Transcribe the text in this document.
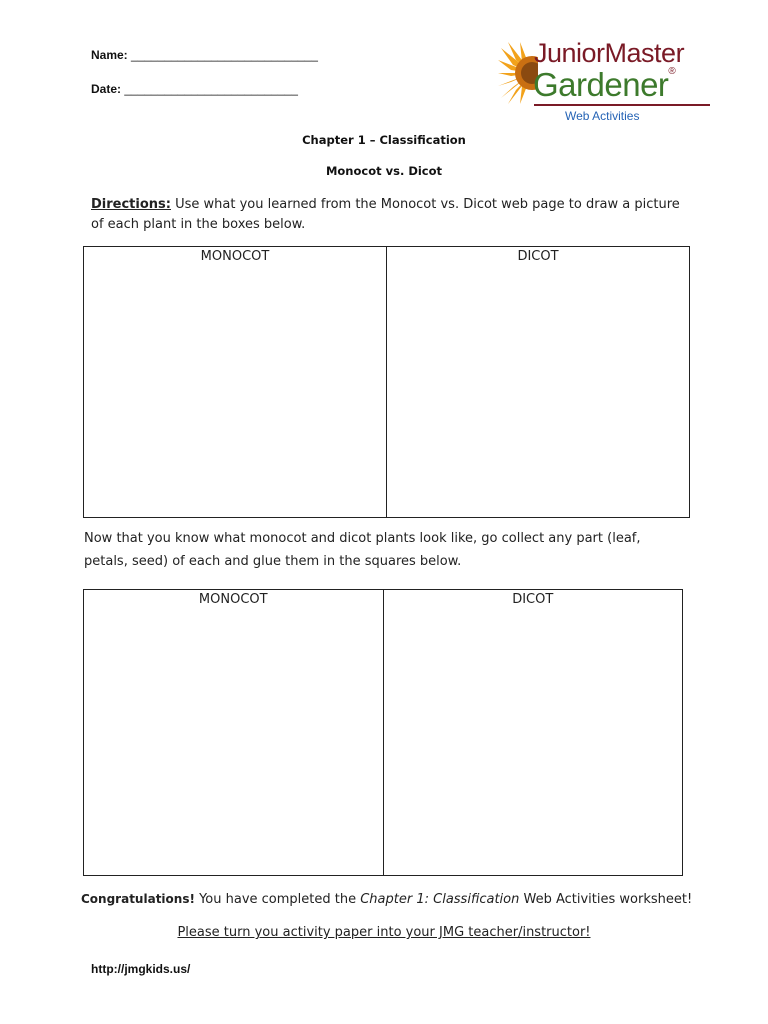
Name: ____________________________
Date: __________________________
JuniorMaster
Gardener®
Web Activities
Chapter 1 – Classification
Monocot vs. Dicot
Directions: Use what you learned from the Monocot vs. Dicot web page to draw a picture of each plant in the boxes below.
MONOCOT	DICOT
Now that you know what monocot and dicot plants look like, go collect any part (leaf, petals, seed) of each and glue them in the squares below.
MONOCOT	DICOT
Congratulations! You have completed the Chapter 1: Classification Web Activities worksheet!
Please turn you activity paper into your JMG teacher/instructor!
http://jmgkids.us/
